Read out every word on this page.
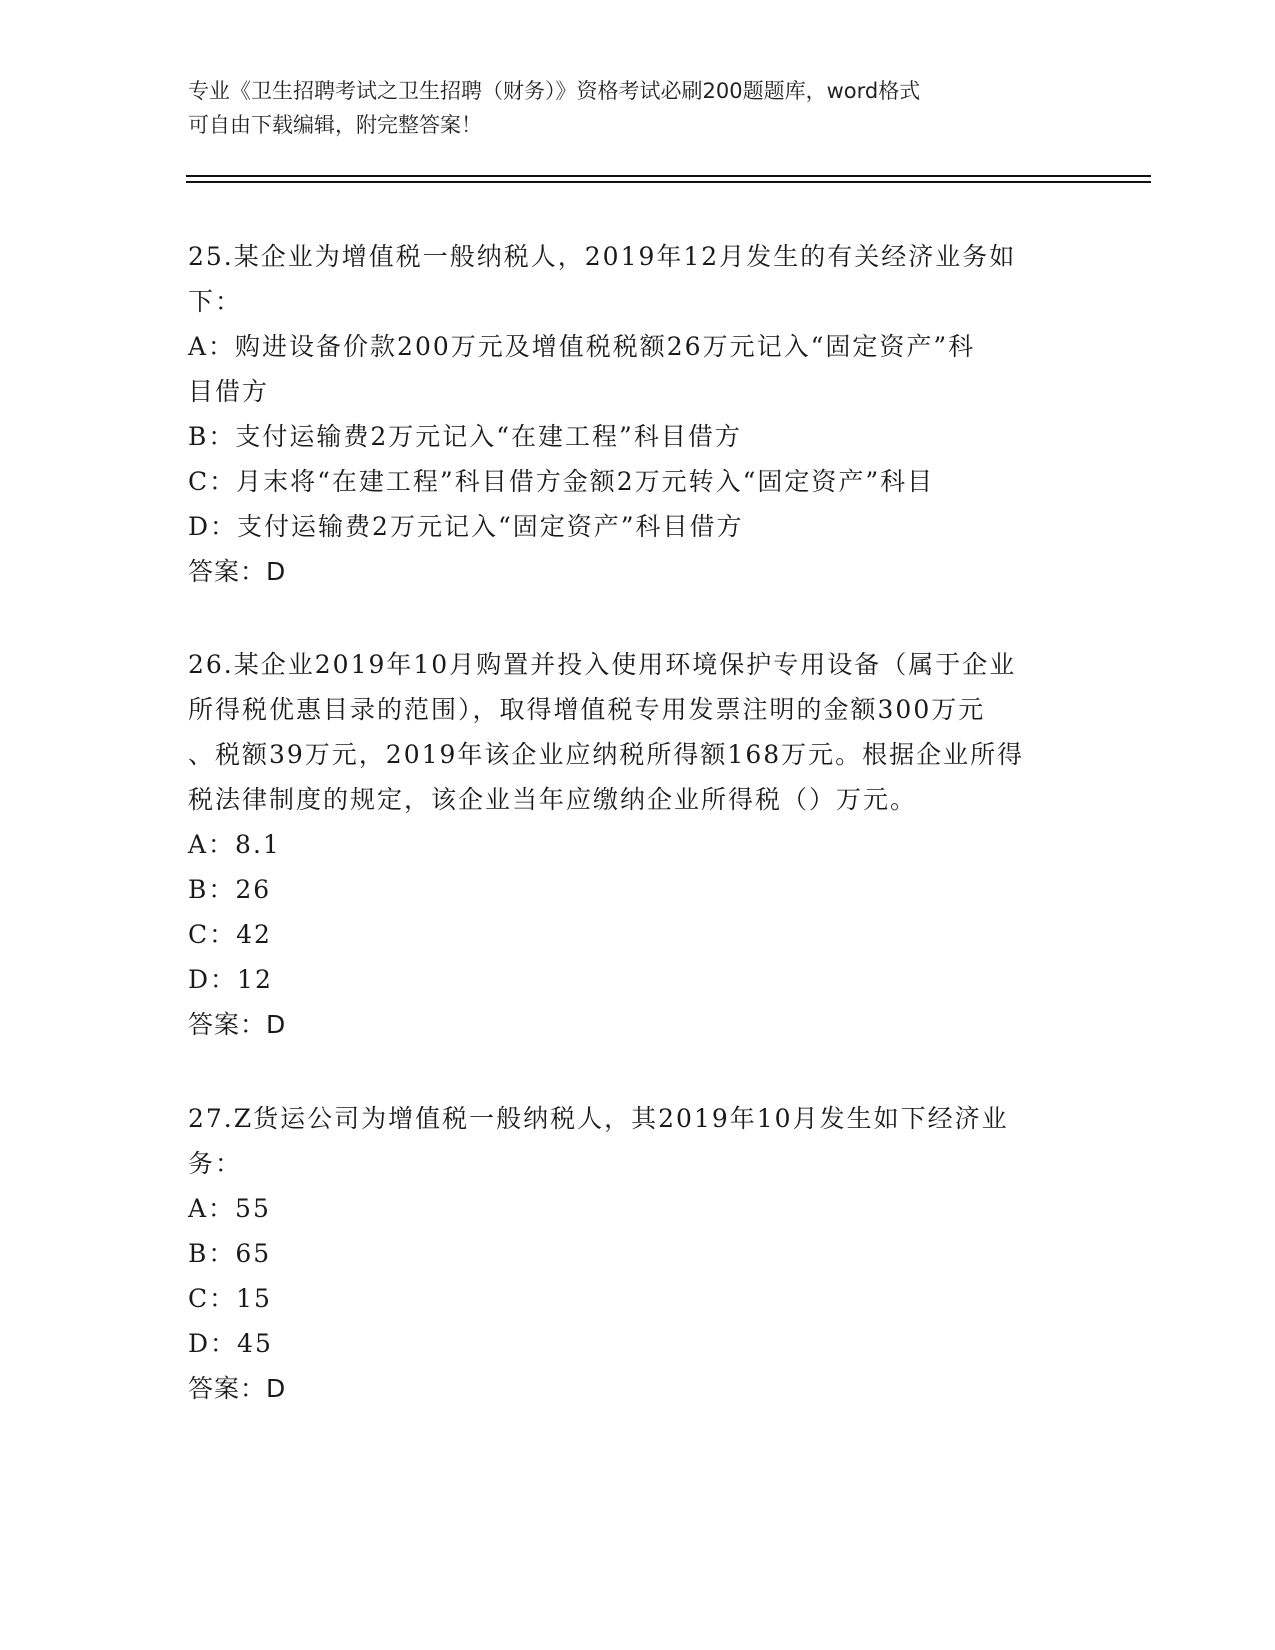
专业《卫生招聘考试之卫生招聘（财务）》资格考试必刷200题题库，word格式
可自由下载编辑，附完整答案！
25.某企业为增值税一般纳税人，2019年12月发生的有关经济业务如
下：
A：购进设备价款200万元及增值税税额26万元记入“固定资产”科
目借方
B：支付运输费2万元记入“在建工程”科目借方
C：月末将“在建工程”科目借方金额2万元转入“固定资产”科目
D：支付运输费2万元记入“固定资产”科目借方
答案：D
26.某企业2019年10月购置并投入使用环境保护专用设备（属于企业
所得税优惠目录的范围），取得增值税专用发票注明的金额300万元
、税额39万元，2019年该企业应纳税所得额168万元。根据企业所得
税法律制度的规定，该企业当年应缴纳企业所得税（）万元。
A：8.1
B：26
C：42
D：12
答案：D
27.Z货运公司为增值税一般纳税人，其2019年10月发生如下经济业
务：
A：55
B：65
C：15
D：45
答案：D
